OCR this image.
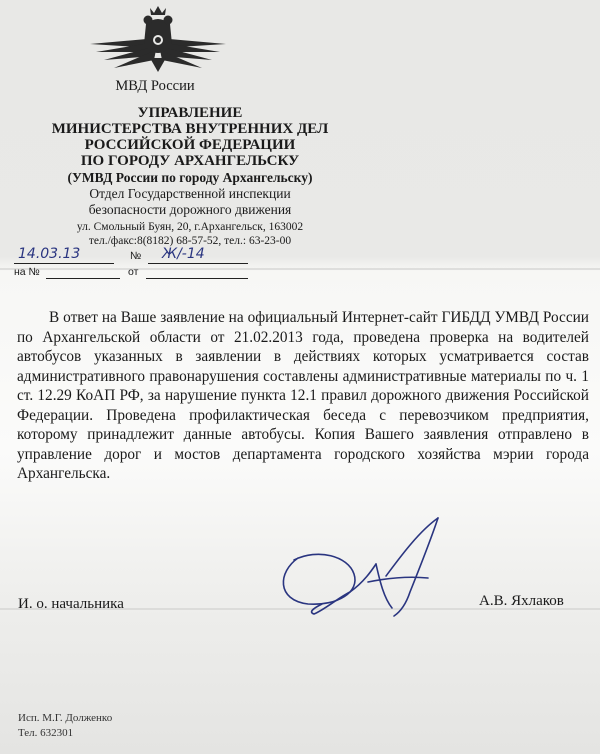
МВД России
УПРАВЛЕНИЕ
МИНИСТЕРСТВА ВНУТРЕННИХ ДЕЛ
РОССИЙСКОЙ ФЕДЕРАЦИИ
ПО ГОРОДУ АРХАНГЕЛЬСКУ
(УМВД России по городу Архангельску)
Отдел Государственной инспекции
безопасности дорожного движения
ул. Смольный Буян, 20, г.Архангельск, 163002
тел./факс:8(8182) 68-57-52, тел.: 63-23-00
14.03.13	№ Ж/-14
на №	от
В ответ на Ваше заявление на официальный Интернет-сайт ГИБДД УМВД России по Архангельской области от 21.02.2013 года, проведена проверка на водителей автобусов указанных в заявлении в действиях которых усматривается состав административного правонарушения составлены административные материалы по ч. 1 ст. 12.29 КоАП РФ, за нарушение пункта 12.1 правил дорожного движения Российской Федерации. Проведена профилактическая беседа с перевозчиком предприятия, которому принадлежит данные автобусы. Копия Вашего заявления отправлено в управление дорог и мостов департамента городского хозяйства мэрии города Архангельска.
И. о. начальника	А.В. Яхлаков
Исп. М.Г. Долженко
Тел. 632301
